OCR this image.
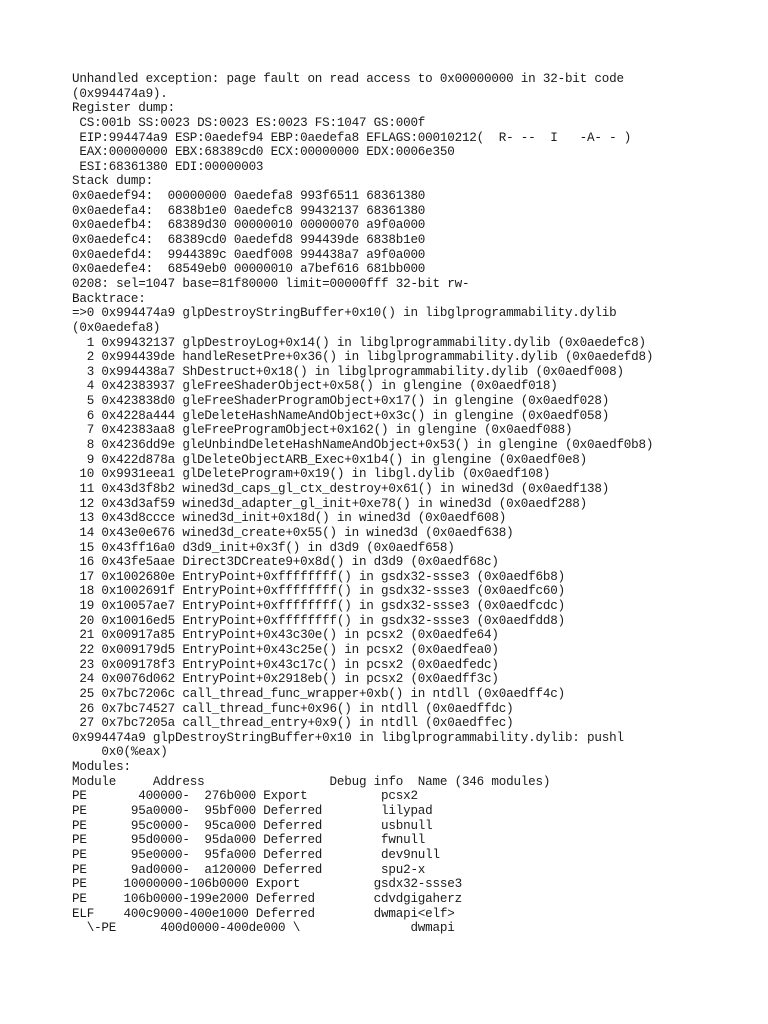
Unhandled exception: page fault on read access to 0x00000000 in 32-bit code
(0x994474a9).
Register dump:
CS:001b SS:0023 DS:0023 ES:0023 FS:1047 GS:000f
EIP:994474a9 ESP:0aedef94 EBP:0aedefa8 EFLAGS:00010212(  R- --  I   -A- - )
EAX:00000000 EBX:68389cd0 ECX:00000000 EDX:0006e350
ESI:68361380 EDI:00000003
Stack dump:
0x0aedef94:  00000000 0aedefa8 993f6511 68361380
0x0aedefa4:  6838b1e0 0aedefc8 99432137 68361380
0x0aedefb4:  68389d30 00000010 00000070 a9f0a000
0x0aedefc4:  68389cd0 0aedefd8 994439de 6838b1e0
0x0aedefd4:  9944389c 0aedf008 994438a7 a9f0a000
0x0aedefe4:  68549eb0 00000010 a7bef616 681bb000
0208: sel=1047 base=81f80000 limit=00000fff 32-bit rw-
Backtrace:
=>0 0x994474a9 glpDestroyStringBuffer+0x10() in libglprogrammability.dylib
(0x0aedefa8)
1 0x99432137 glpDestroyLog+0x14() in libglprogrammability.dylib (0x0aedefc8)
2 0x994439de handleResetPre+0x36() in libglprogrammability.dylib (0x0aedefd8)
3 0x994438a7 ShDestruct+0x18() in libglprogrammability.dylib (0x0aedf008)
4 0x42383937 gleFreeShaderObject+0x58() in glengine (0x0aedf018)
5 0x423838d0 gleFreeShaderProgramObject+0x17() in glengine (0x0aedf028)
6 0x4228a444 gleDeleteHashNameAndObject+0x3c() in glengine (0x0aedf058)
7 0x42383aa8 gleFreeProgramObject+0x162() in glengine (0x0aedf088)
8 0x4236dd9e gleUnbindDeleteHashNameAndObject+0x53() in glengine (0x0aedf0b8)
9 0x422d878a glDeleteObjectARB_Exec+0x1b4() in glengine (0x0aedf0e8)
10 0x9931eea1 glDeleteProgram+0x19() in libgl.dylib (0x0aedf108)
11 0x43d3f8b2 wined3d_caps_gl_ctx_destroy+0x61() in wined3d (0x0aedf138)
12 0x43d3af59 wined3d_adapter_gl_init+0xe78() in wined3d (0x0aedf288)
13 0x43d8ccce wined3d_init+0x18d() in wined3d (0x0aedf608)
14 0x43e0e676 wined3d_create+0x55() in wined3d (0x0aedf638)
15 0x43ff16a0 d3d9_init+0x3f() in d3d9 (0x0aedf658)
16 0x43fe5aae Direct3DCreate9+0x8d() in d3d9 (0x0aedf68c)
17 0x1002680e EntryPoint+0xffffffff() in gsdx32-ssse3 (0x0aedf6b8)
18 0x1002691f EntryPoint+0xffffffff() in gsdx32-ssse3 (0x0aedfc60)
19 0x10057ae7 EntryPoint+0xffffffff() in gsdx32-ssse3 (0x0aedfcdc)
20 0x10016ed5 EntryPoint+0xffffffff() in gsdx32-ssse3 (0x0aedfdd8)
21 0x00917a85 EntryPoint+0x43c30e() in pcsx2 (0x0aedfe64)
22 0x009179d5 EntryPoint+0x43c25e() in pcsx2 (0x0aedfea0)
23 0x009178f3 EntryPoint+0x43c17c() in pcsx2 (0x0aedfedc)
24 0x0076d062 EntryPoint+0x2918eb() in pcsx2 (0x0aedff3c)
25 0x7bc7206c call_thread_func_wrapper+0xb() in ntdll (0x0aedff4c)
26 0x7bc74527 call_thread_func+0x96() in ntdll (0x0aedffdc)
27 0x7bc7205a call_thread_entry+0x9() in ntdll (0x0aedffec)
0x994474a9 glpDestroyStringBuffer+0x10 in libglprogrammability.dylib: pushl
0x0(%eax)
Modules:
Module     Address                 Debug info  Name (346 modules)
PE       400000-  276b000 Export          pcsx2
PE      95a0000-  95bf000 Deferred        lilypad
PE      95c0000-  95ca000 Deferred        usbnull
PE      95d0000-  95da000 Deferred        fwnull
PE      95e0000-  95fa000 Deferred        dev9null
PE      9ad0000-  a120000 Deferred        spu2-x
PE     10000000-106b0000 Export          gsdx32-ssse3
PE     106b0000-199e2000 Deferred        cdvdgigaherz
ELF    400c9000-400e1000 Deferred        dwmapi<elf>
\-PE      400d0000-400de000 \               dwmapi
